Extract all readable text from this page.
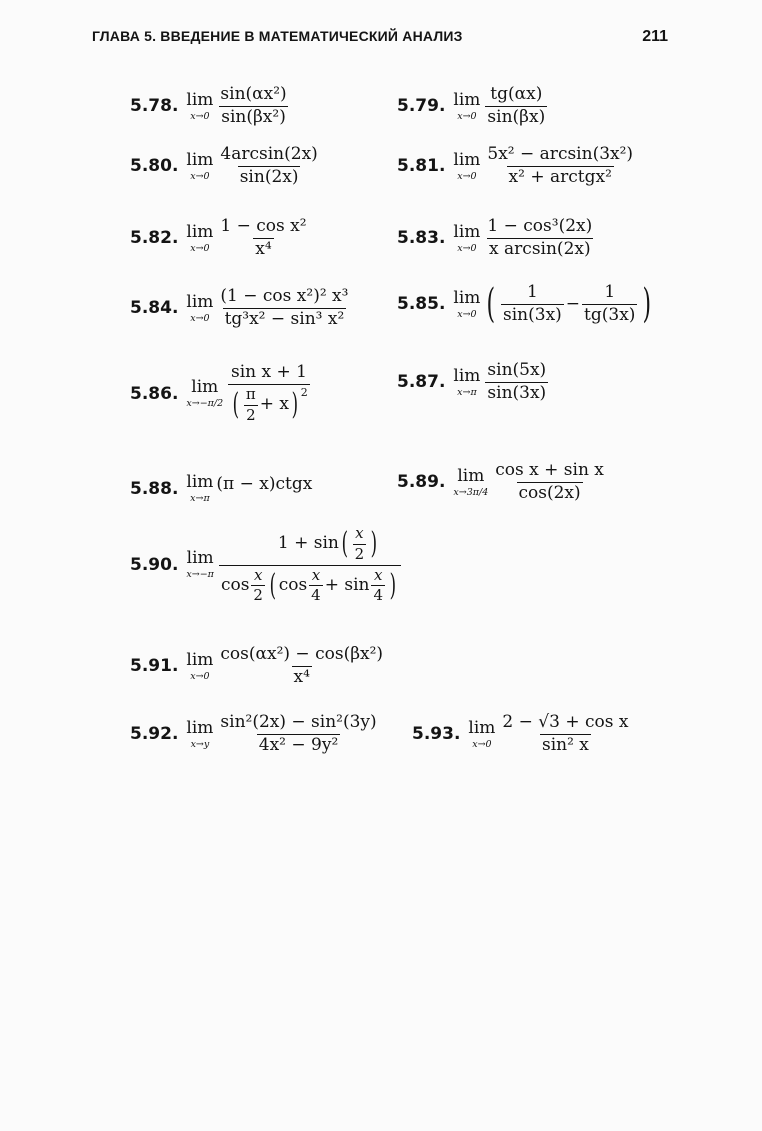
ГЛАВА 5. ВВЕДЕНИЕ В МАТЕМАТИЧЕСКИЙ АНАЛИЗ	211
5.78. lim
$x\to 0 \frac{\text{sin(αx²)}}{\text{sin(βx²)}}$	5.79. lim
$x\to 0 \frac{tg(\alpha x)}{\sin(\beta x)}$
5.80. lim
$x\to 0 \frac{4\arcsin(2x)}{\sin(2x)}$	5.81. lim
$x\to 0 \frac{\text{5x² − arcsin(3x²)}}{\text{x² + arctgx²}}$
5.82. lim
$x\to 0 \frac{\text{1 − cos x²}}{\text{x⁴}}$	5.83. lim
$x\to 0 \frac{\text{1 − cos³(2x)}}{\text{x arcsin(2x)}}$
5.84. lim
$x\to 0 \frac{\text{(1 − cos x²)² x³}}{\text{tg³x² − sin³ x²}}$	5.85. lim
x→0 ( $\frac{1}{\sin(3x)} - \frac{1}{tg(3x)}$ )
5.86. lim
$x\to-\pi/2 \frac{\text{sin x + 1}}{( \frac{\pi}{2} + x )^2}$	5.87. lim
$x\to\pi \frac{\sin(5x)}{\sin(3x)}$
5.88. lim
x→π
(π − x)ctgx	5.89. lim
$x\to 3\pi/4 \frac{\text{cos x + sin x}}{\cos(2x)}$
5.90. lim
x→−π
1 + sin ( $\frac{x}{2}$ )
$\cos \frac{x}{2}$ ( $\cos \frac{x}{4} + \sin \frac{x}{4}$ )
5.91. lim
$x\to 0 \frac{\text{cos(αx²) − cos(βx²)}}{\text{x⁴}}$
5.92. lim
$x\to y \frac{\text{sin²(2x) − sin²(3y)}}{\text{4x² − 9y²}} 5.93$. lim
$x\to 0 \frac{\text{2 − √3 + cos x}}{\text{sin² x}}$
